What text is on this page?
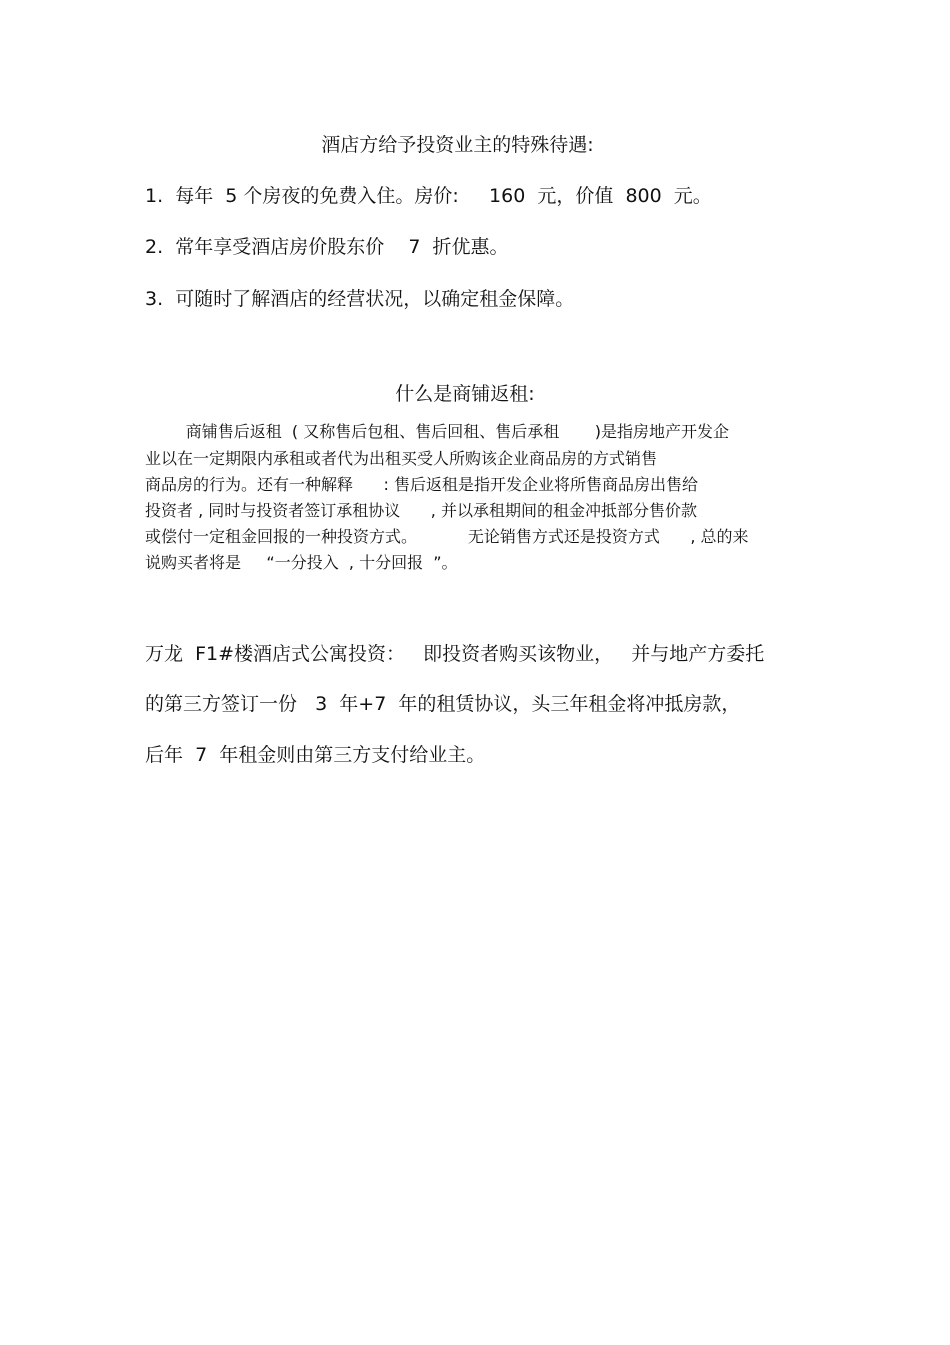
酒店方给予投资业主的特殊待遇:

1.  每年  5 个房夜的免费入住。房价:     160  元，价值  800  元。

2.  常年享受酒店房价股东价    7  折优惠。

3.  可随时了解酒店的经营状况，以确定租金保障。

什么是商铺返租:

商铺售后返租  ( 又称售后包租、售后回租、售后承租       )是指房地产开发企

业以在一定期限内承租或者代为出租买受人所购该企业商品房的方式销售

商品房的行为。还有一种解释      : 售后返租是指开发企业将所售商品房出售给

投资者 , 同时与投资者签订承租协议      , 并以承租期间的租金冲抵部分售价款

或偿付一定租金回报的一种投资方式。          无论销售方式还是投资方式      , 总的来

说购买者将是     “一分投入  , 十分回报  ”。

万龙  F1#楼酒店式公寓投资：   即投资者购买该物业，   并与地产方委托

的第三方签订一份   3  年+7  年的租赁协议，头三年租金将冲抵房款，

后年  7  年租金则由第三方支付给业主。
